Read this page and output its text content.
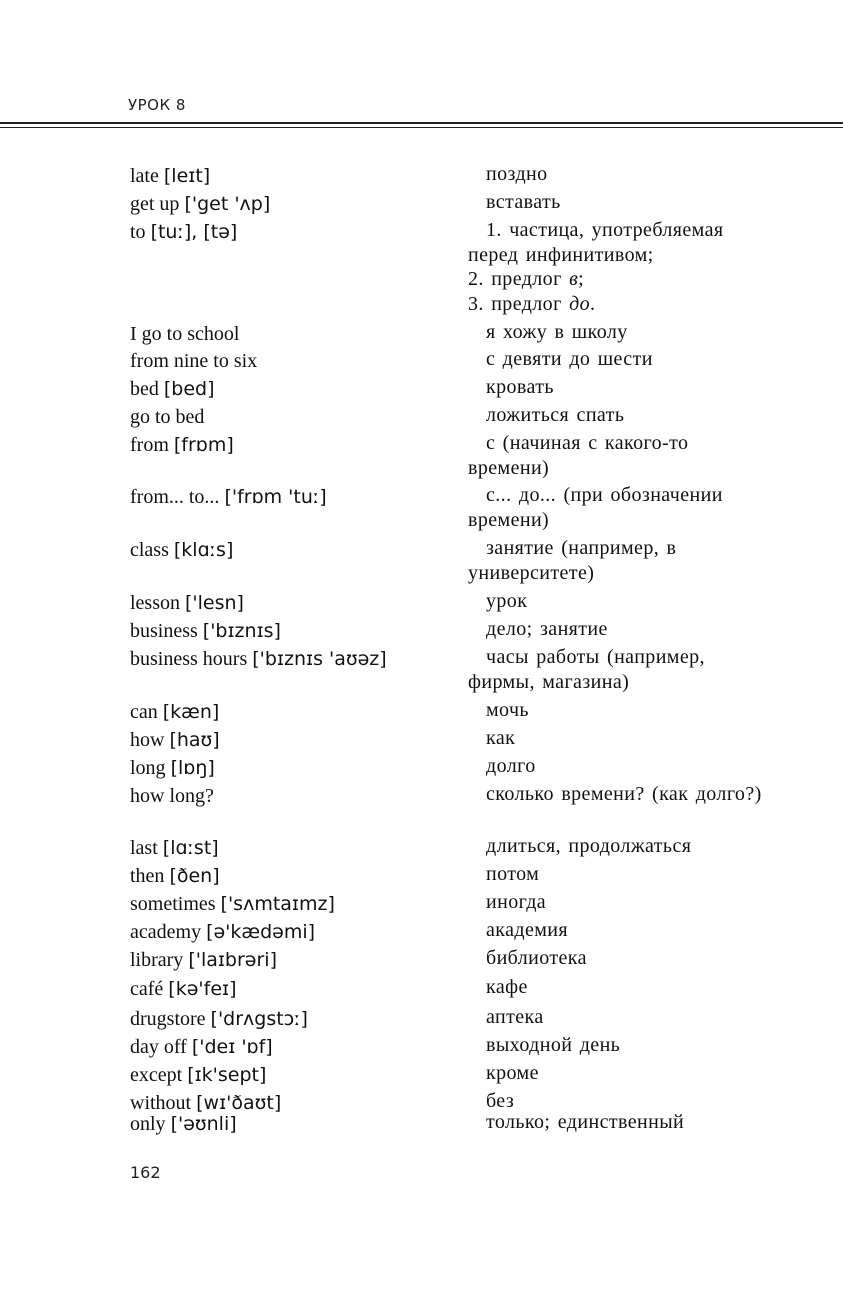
УРОК 8
late [leɪt]	поздно

get up ['get 'ʌp]	вставать

to [tuː], [tə]	1. частица, употребляемая перед инфинитивом;

2. предлог в;

3. предлог до.

I go to school	я хожу в школу

from nine to six	с девяти до шести

bed [bed]	кровать

go to bed	ложиться спать

from [frɒm]	с (начиная с какого-то времени)

from... to... ['frɒm 'tuː]	с... до... (при обозначении времени)

class [klɑːs]	занятие (например, в университете)

lesson ['lesn]	урок

business ['bɪznɪs]	дело; занятие

business hours ['bɪznɪs 'aʊəz]	часы работы (например, фирмы, магазина)

can [kæn]	мочь

how [haʊ]	как

long [lɒŋ]	долго

how long?	сколько времени? (как долго?)

last [lɑːst]	длиться, продолжаться

then [ðen]	потом

sometimes ['sʌmtaɪmz]	иногда

academy [ə'kædəmi]	академия

library ['laɪbrəri]	библиотека

café [kə'feɪ]	кафе

drugstore ['drʌgstɔː]	аптека

day off ['deɪ 'ɒf]	выходной день

except [ɪk'sept]	кроме

without [wɪ'ðaʊt]	без

only ['əʊnli]	только; единственный

162
